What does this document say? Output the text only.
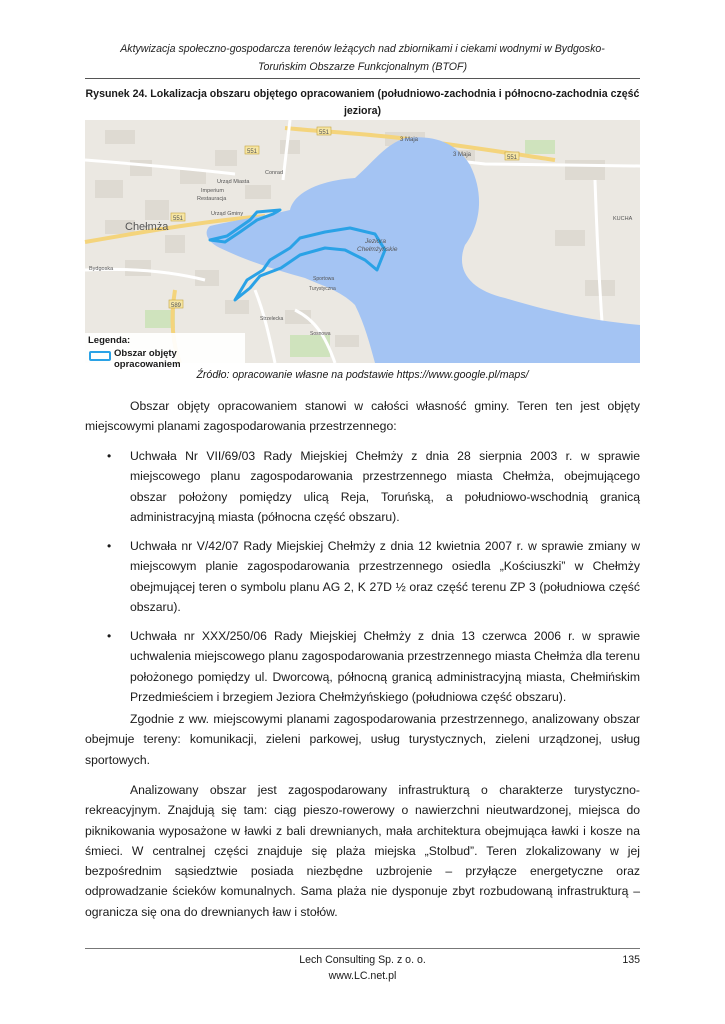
Aktywizacja społeczno-gospodarcza terenów leżących nad zbiornikami i ciekami wodnymi w Bydgosko-
Toruńskim Obszarze Funkcjonalnym (BTOF)
Rysunek 24. Lokalizacja obszaru objętego opracowaniem (południowo-zachodnia i północno-zachodnia część
jeziora)
551
551
551
551
589
Chełmża
Jeziora
Chełmżyńskie
3 Maja
3 Maja
Conrad
Urząd Miasta
Imperium
Restauracja
Urząd Gminy
Bydgoska
Sportowa
Turystyczna
Strzelecka
Sosnowa
KUCHA
Legenda:
Obszar objęty opracowaniem
Źródło: opracowanie własne na podstawie https://www.google.pl/maps/
Obszar objęty opracowaniem stanowi w całości własność gminy. Teren ten jest objęty miejscowymi planami zagospodarowania przestrzennego:
•	Uchwała Nr VII/69/03 Rady Miejskiej Chełmży z dnia 28 sierpnia 2003 r. w sprawie miejscowego planu zagospodarowania przestrzennego miasta Chełmża, obejmującego obszar położony pomiędzy ulicą Reja, Toruńską, a południowo-wschodnią granicą administracyjną miasta (północna część obszaru).
•	Uchwała nr V/42/07 Rady Miejskiej Chełmży z dnia 12 kwietnia 2007 r. w sprawie zmiany w miejscowym planie zagospodarowania przestrzennego osiedla „Kościuszki” w Chełmży obejmującej teren o symbolu planu AG 2, K 27D ½ oraz część terenu ZP 3 (południowa część obszaru).
•	Uchwała nr XXX/250/06 Rady Miejskiej Chełmży z dnia 13 czerwca 2006 r. w sprawie uchwalenia miejscowego planu zagospodarowania przestrzennego miasta Chełmża dla terenu położonego pomiędzy ul. Dworcową, północną granicą administracyjną miasta, Chełmińskim Przedmieściem i brzegiem Jeziora Chełmżyńskiego (południowa część obszaru).
Zgodnie z ww. miejscowymi planami zagospodarowania przestrzennego, analizowany obszar obejmuje tereny: komunikacji, zieleni parkowej, usług turystycznych, zieleni urządzonej, usług sportowych.
Analizowany obszar jest zagospodarowany infrastrukturą o charakterze turystyczno-rekreacyjnym. Znajdują się tam: ciąg pieszo-rowerowy o nawierzchni nieutwardzonej, miejsca do piknikowania wyposażone w ławki z bali drewnianych, mała architektura obejmująca ławki i kosze na śmieci. W centralnej części znajduje się plaża miejska „Stolbud”. Teren zlokalizowany w jej bezpośrednim sąsiedztwie posiada niezbędne uzbrojenie – przyłącze energetyczne oraz odprowadzanie ścieków komunalnych. Sama plaża nie dysponuje zbyt rozbudowaną infrastrukturą – ogranicza się ona do drewnianych ław i stołów.
Lech Consulting Sp. z o. o.
www.LC.net.pl
135
